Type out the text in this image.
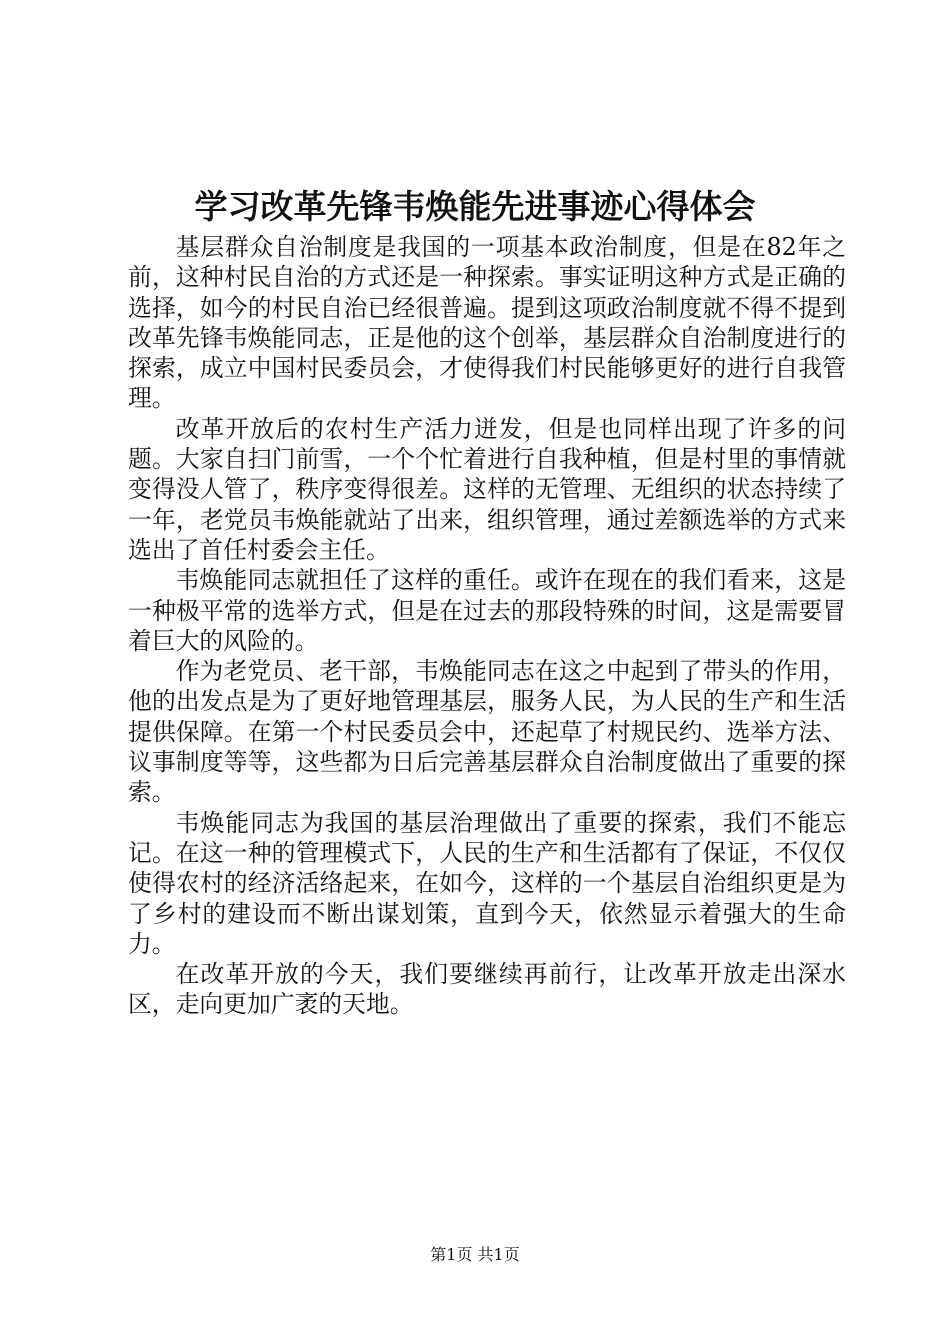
学习改革先锋韦焕能先进事迹心得体会

基层群众自治制度是我国的一项基本政治制度，但是在82年之前，这种村民自治的方式还是一种探索。事实证明这种方式是正确的选择，如今的村民自治已经很普遍。提到这项政治制度就不得不提到改革先锋韦焕能同志，正是他的这个创举，基层群众自治制度进行的探索，成立中国村民委员会，才使得我们村民能够更好的进行自我管理。

改革开放后的农村生产活力迸发，但是也同样出现了许多的问题。大家自扫门前雪，一个个忙着进行自我种植，但是村里的事情就变得没人管了，秩序变得很差。这样的无管理、无组织的状态持续了一年，老党员韦焕能就站了出来，组织管理，通过差额选举的方式来选出了首任村委会主任。

韦焕能同志就担任了这样的重任。或许在现在的我们看来，这是一种极平常的选举方式，但是在过去的那段特殊的时间，这是需要冒着巨大的风险的。

作为老党员、老干部，韦焕能同志在这之中起到了带头的作用，他的出发点是为了更好地管理基层，服务人民，为人民的生产和生活提供保障。在第一个村民委员会中，还起草了村规民约、选举方法、议事制度等等，这些都为日后完善基层群众自治制度做出了重要的探索。

韦焕能同志为我国的基层治理做出了重要的探索，我们不能忘记。在这一种的管理模式下，人民的生产和生活都有了保证，不仅仅使得农村的经济活络起来，在如今，这样的一个基层自治组织更是为了乡村的建设而不断出谋划策，直到今天，依然显示着强大的生命力。

在改革开放的今天，我们要继续再前行，让改革开放走出深水区，走向更加广袤的天地。

第1页 共1页
